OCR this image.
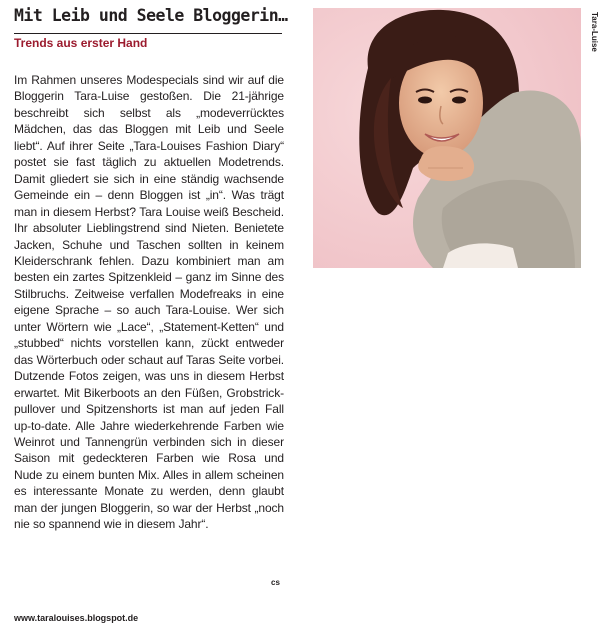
Mit Leib und Seele Bloggerin…
Trends aus erster Hand
Im Rahmen unseres Modespecials sind wir auf die Bloggerin Tara-Luise gestoßen. Die 21-jährige beschreibt sich selbst als „modeverrücktes Mädchen, das das Bloggen mit Leib und Seele liebt“. Auf ihrer Seite „Tara-Louises Fashion Diary“ postet sie fast täglich zu aktuellen Modetrends. Damit gliedert sie sich in eine ständig wachsende Gemeinde ein – denn Bloggen ist „in“. Was trägt man in diesem Herbst? Tara Louise weiß Bescheid. Ihr absoluter Lieblingstrend sind Nieten. Benietete Jacken, Schuhe und Taschen sollten in keinem Kleiderschrank fehlen. Dazu kombiniert man am besten ein zartes Spitzenkleid – ganz im Sinne des Stilbruchs. Zeitweise verfallen Modefreaks in eine eigene Sprache – so auch Tara-Louise. Wer sich unter Wörtern wie „Lace“, „Statement-Ketten“ und „stubbed“ nichts vorstellen kann, zückt entweder das Wörterbuch oder schaut auf Taras Seite vorbei. Dutzende Fotos zeigen, was uns in diesem Herbst erwartet. Mit Bikerboots an den Füßen, Grobstrick-pullover und Spitzenshorts ist man auf jeden Fall up-to-date. Alle Jahre wiederkehrende Farben wie Weinrot und Tannengrün verbinden sich in dieser Saison mit gedeckteren Farben wie Rosa und Nude zu einem bunten Mix. Alles in allem scheinen es interessante Monate zu werden, denn glaubt man der jungen Bloggerin, so war der Herbst „noch nie so spannend wie in diesem Jahr“.
cs
www.taralouises.blogspot.de
Tara-Luise
